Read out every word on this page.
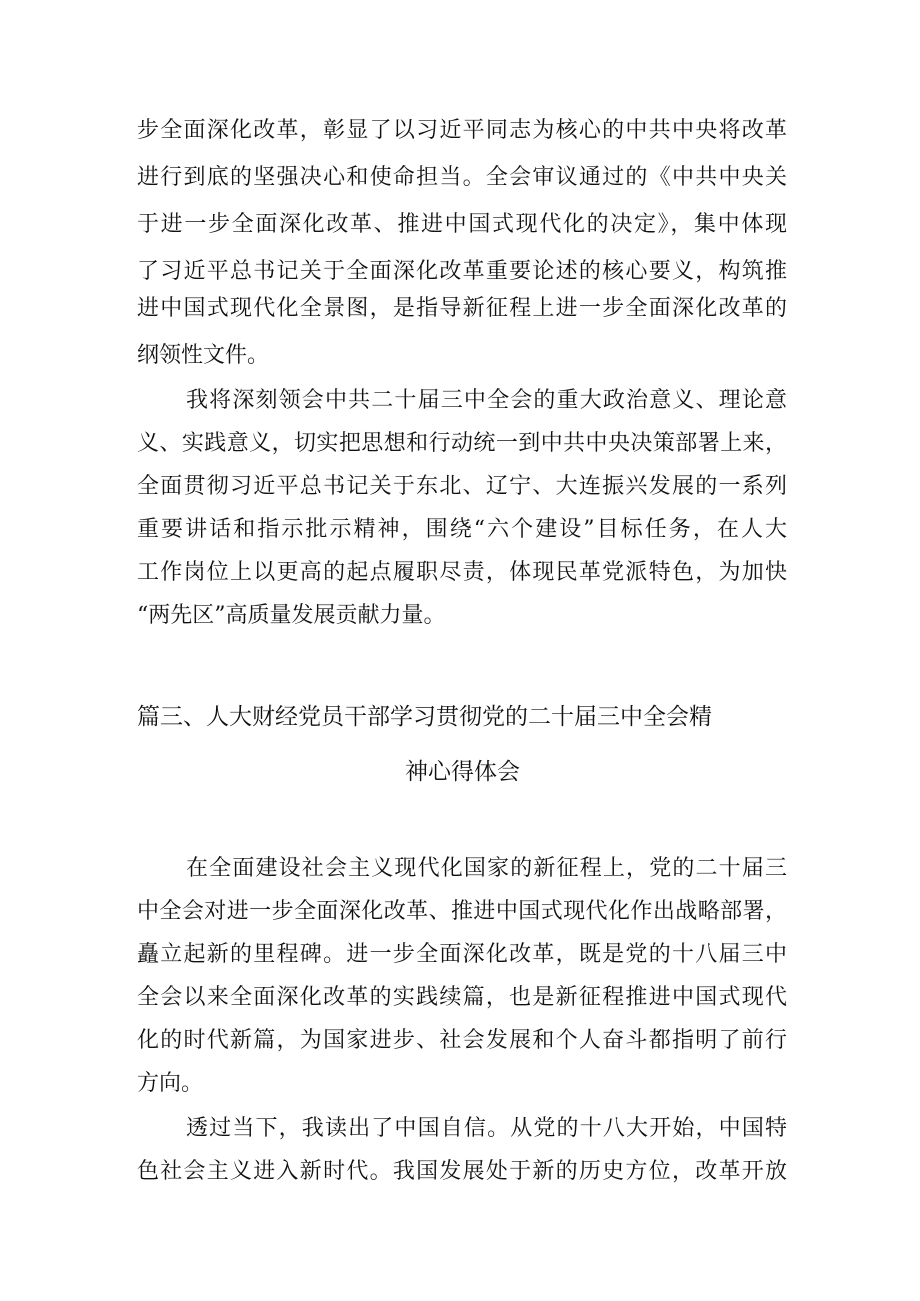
步全面深化改革，彰显了以习近平同志为核心的中共中央将改革
进行到底的坚强决心和使命担当。全会审议通过的《中共中央关
于进一步全面深化改革、推进中国式现代化的决定》，集中体现
了习近平总书记关于全面深化改革重要论述的核心要义，构筑推
进中国式现代化全景图，是指导新征程上进一步全面深化改革的
纲领性文件。
我将深刻领会中共二十届三中全会的重大政治意义、理论意
义、实践意义，切实把思想和行动统一到中共中央决策部署上来，
全面贯彻习近平总书记关于东北、辽宁、大连振兴发展的一系列
重要讲话和指示批示精神，围绕“六个建设”目标任务，在人大
工作岗位上以更高的起点履职尽责，体现民革党派特色，为加快
“两先区”高质量发展贡献力量。
篇三、人大财经党员干部学习贯彻党的二十届三中全会精
神心得体会
在全面建设社会主义现代化国家的新征程上，党的二十届三
中全会对进一步全面深化改革、推进中国式现代化作出战略部署，
矗立起新的里程碑。进一步全面深化改革，既是党的十八届三中
全会以来全面深化改革的实践续篇，也是新征程推进中国式现代
化的时代新篇，为国家进步、社会发展和个人奋斗都指明了前行
方向。
透过当下，我读出了中国自信。从党的十八大开始，中国特
色社会主义进入新时代。我国发展处于新的历史方位，改革开放
